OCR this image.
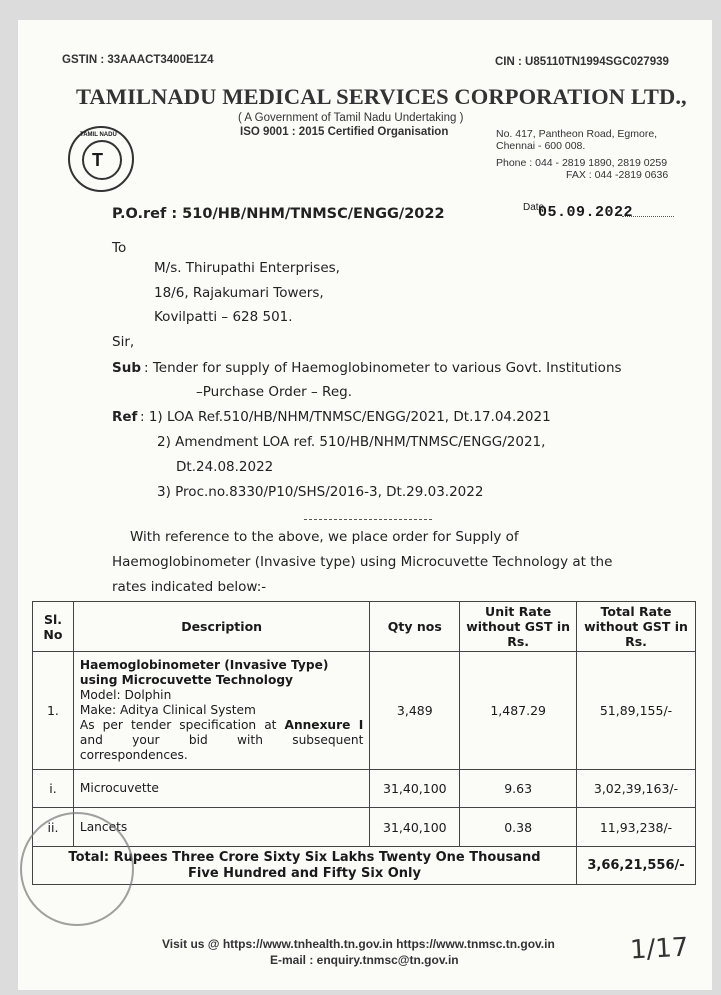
GSTIN : 33AAACT3400E1Z4	CIN : U85110TN1994SGC027939
TAMILNADU MEDICAL SERVICES CORPORATION LTD.,
TAMIL NADU
T
( A Government of Tamil Nadu Undertaking )
ISO 9001 : 2015 Certified Organisation	No. 417, Pantheon Road, Egmore,
Chennai - 600 008.
Phone : 044 - 2819 1890, 2819 0259
FAX : 044 -2819 0636
P.O.ref : 510/HB/NHM/TNMSC/ENGG/2022	Date
05.09.2022
To
M/s. Thirupathi Enterprises,
18/6, Rajakumari Towers,
Kovilpatti – 628 501.
Sir,
Sub : Tender for supply of Haemoglobinometer to various Govt. Institutions
–Purchase Order – Reg.
Ref : 1) LOA Ref.510/HB/NHM/TNMSC/ENGG/2021, Dt.17.04.2021
2) Amendment LOA ref. 510/HB/NHM/TNMSC/ENGG/2021,
Dt.24.08.2022
3) Proc.no.8330/P10/SHS/2016-3, Dt.29.03.2022
With reference to the above, we place order for Supply of
Haemoglobinometer (Invasive type) using Microcuvette Technology at the
rates indicated below:-
Sl. No	Description	Qty nos	Unit Rate without GST in Rs.	Total Rate without GST in Rs.
1.	Haemoglobinometer (Invasive Type) using Microcuvette Technology
Model: Dolphin
Make: Aditya Clinical System
As per tender specification at Annexure I and your bid with subsequent correspondences.	3,489	1,487.29	51,89,155/-
i.	Microcuvette	31,40,100	9.63	3,02,39,163/-
ii.	Lancets	31,40,100	0.38	11,93,238/-
Total: Rupees Three Crore Sixty Six Lakhs Twenty One Thousand Five Hundred and Fifty Six Only				3,66,21,556/-
Visit us @ https://www.tnhealth.tn.gov.in https://www.tnmsc.tn.gov.in
E-mail : enquiry.tnmsc@tn.gov.in	1/17
